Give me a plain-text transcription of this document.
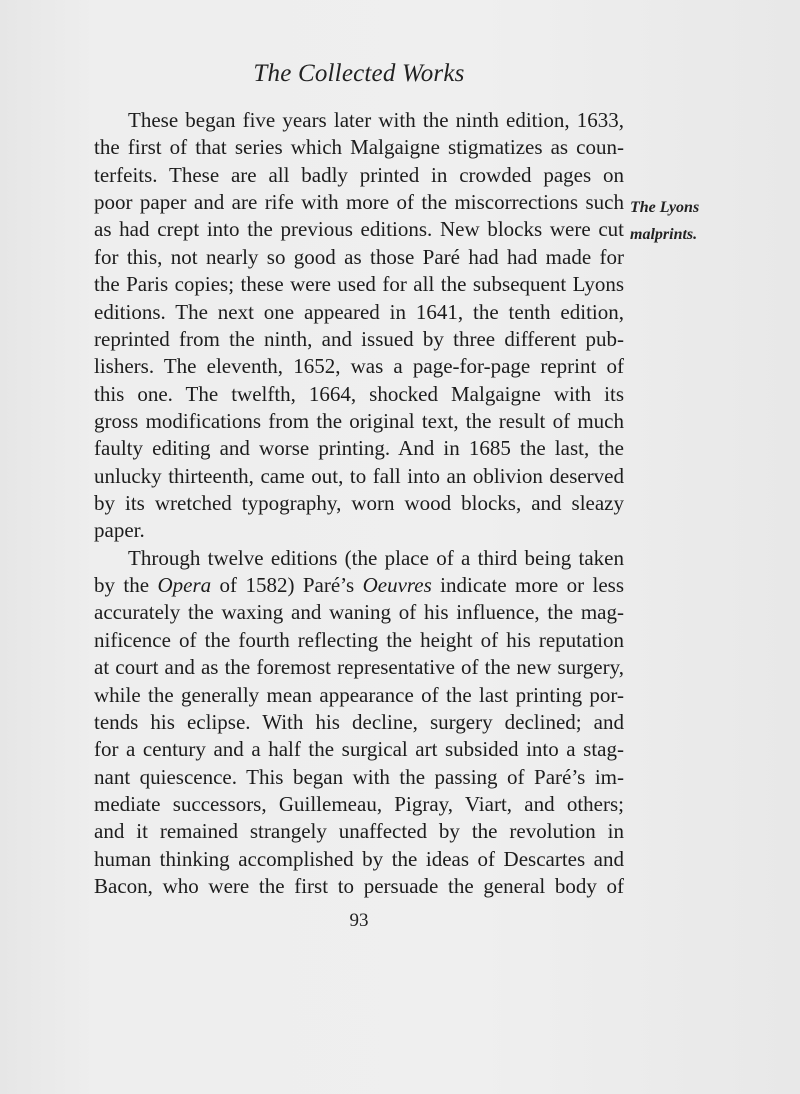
The Collected Works
These began five years later with the ninth edition, 1633,
the first of that series which Malgaigne stigmatizes as coun-
terfeits. These are all badly printed in crowded pages on
poor paper and are rife with more of the miscorrections such
as had crept into the previous editions. New blocks were cut
for this, not nearly so good as those Paré had had made for
the Paris copies; these were used for all the subsequent Lyons
editions. The next one appeared in 1641, the tenth edition,
reprinted from the ninth, and issued by three different pub-
lishers. The eleventh, 1652, was a page-for-page reprint of
this one. The twelfth, 1664, shocked Malgaigne with its
gross modifications from the original text, the result of much
faulty editing and worse printing. And in 1685 the last, the
unlucky thirteenth, came out, to fall into an oblivion deserved
by its wretched typography, worn wood blocks, and sleazy
paper.
Through twelve editions (the place of a third being taken
by the Opera of 1582) Paré’s Oeuvres indicate more or less
accurately the waxing and waning of his influence, the mag-
nificence of the fourth reflecting the height of his reputation
at court and as the foremost representative of the new surgery,
while the generally mean appearance of the last printing por-
tends his eclipse. With his decline, surgery declined; and
for a century and a half the surgical art subsided into a stag-
nant quiescence. This began with the passing of Paré’s im-
mediate successors, Guillemeau, Pigray, Viart, and others;
and it remained strangely unaffected by the revolution in
human thinking accomplished by the ideas of Descartes and
Bacon, who were the first to persuade the general body of
The Lyons
malprints.
93
